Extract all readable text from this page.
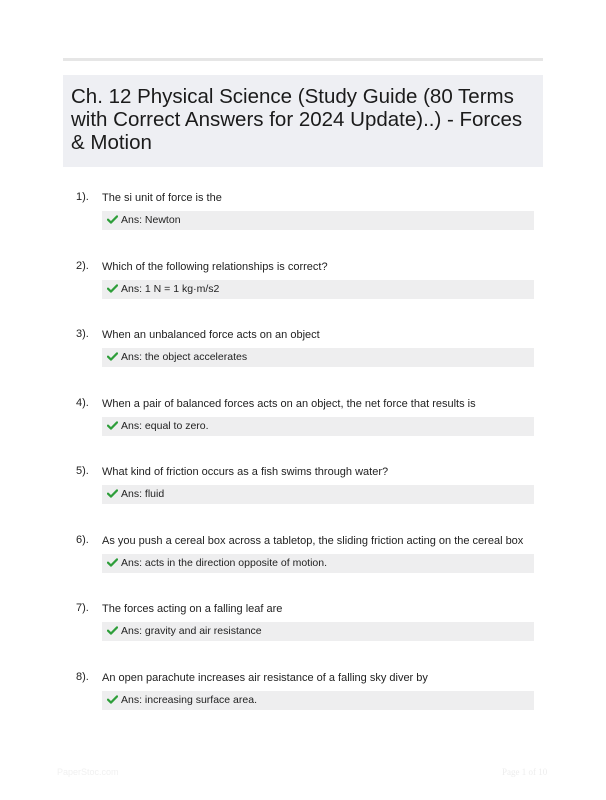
Ch. 12 Physical Science (Study Guide (80 Terms with Correct Answers for 2024 Update)..) - Forces & Motion
1). The si unit of force is the
Ans: Newton
2). Which of the following relationships is correct?
Ans: 1 N = 1 kg·m/s2
3). When an unbalanced force acts on an object
Ans: the object accelerates
4). When a pair of balanced forces acts on an object, the net force that results is
Ans: equal to zero.
5). What kind of friction occurs as a fish swims through water?
Ans: fluid
6). As you push a cereal box across a tabletop, the sliding friction acting on the cereal box
Ans: acts in the direction opposite of motion.
7). The forces acting on a falling leaf are
Ans: gravity and air resistance
8). An open parachute increases air resistance of a falling sky diver by
Ans: increasing surface area.
PaperStoc.com	Page 1 of 10
